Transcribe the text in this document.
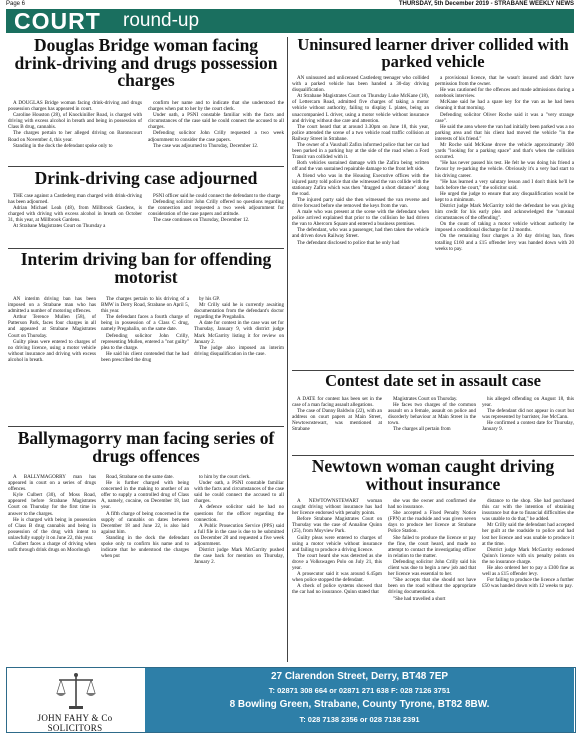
Page 6	THURSDAY, 5th December 2019 - STRABANE WEEKLY NEWS
COURT round-up
Douglas Bridge woman facing drink-driving and drugs possession charges

A DOUGLAS Bridge woman facing drink-driving and drugs possession charges has appeared in court.

Caroline Houston (28), of Knockiniller Road, is charged with driving with excess alcohol in breath and being in possession of Class B drug, cannabis.

The charges pertain to her alleged driving on Baronscourt Road on November 4, this year.

Standing in the dock the defendant spoke only to

confirm her name and to indicate that she understood the charges when put to her by the court clerk.

Under oath, a PSNI constable familiar with the facts and circumstances of the case said he could connect the accused to all charges.

Defending solicitor John Crilly requested a two week adjournment to consider the case papers.

The case was adjourned to Thursday, December 12.

Drink-driving case adjourned

THE case against a Castlederg man charged with drink-driving has been adjourned.

Adrian Michael Leah (48), from Millbrook Gardens, is charged with driving with excess alcohol in breath on October 31, this year, at Millbrook Gardens.

At Strabane Magistrates Court on Thursday a

PSNI officer said he could connect the defendant to the charge

Defending solicitor John Crilly offered no questions regarding the connection and requested a two week adjournment for consideration of the case papers and attitude.

The case continues on Thursday, December 12.

Interim driving ban for offending motorist

AN interim driving ban has been imposed on a Strabane man who has admitted a number of motoring offences.

Arthur Terence Mullen (58), of Patterson Park, faces four charges in all and appeared at Strabane Magistrates Court on Thursday.

Guilty pleas were entered to charges of no driving licence, using a motor vehicle without insurance and driving with excess alcohol in breath.

The charges pertain to his driving of a BMW in Derry Road, Strabane on April 5, this year.

The defendant faces a fourth charge of being in possession of a Class C drug, namely Pregabalin, on the same date.

Defending solicitor John Crilly, representing Mullen, entered a "not guilty" plea to the charge.

He said his client contended that he had been prescribed the drug

by his GP.

Mr Crilly said he is currently awaiting documentation from the defendant's doctor regarding the Pregabalin.

A date for contest in the case was set for Thursday, January 9, with district judge Mark McGarrity listing it for review on January 2.

The judge also imposed an interim driving disqualification in the case.

Ballymagorry man facing series of drugs offences

A BALLYMAGORRY man has appeared in court on a series of drugs offences.

Kyle Culbert (30), of Moss Road, appeared before Strabane Magistrates Court on Thursday for the first time in answer to the charges.

He is charged with being in possession of Class B drug cannabis and being in possession of the drug with intent to unlawfully supply it on June 22, this year.

Culbert faces a charge of driving when unfit through drink drugs on Moorlough

Road, Strabane on the same date.

He is further charged with being concerned in the making to another of an offer to supply a controlled drug of Class A, namely, cocaine, on December 18, last year.

A fifth charge of being concerned in the supply of cannabis on dates between December 18 and June 22, is also laid against him.

Standing in the dock the defendant spoke only to confirm his name and to indicate that he understood the charges when put

to him by the court clerk.

Under oath, a PSNI constable familiar with the facts and circumstances of the case said he could connect the accused to all charges.

A defence solicitor said he had no questions for the officer regarding the connection.

A Public Prosecution Service (PPS) said a full file in the case is due to be submitted on December 20 and requested a five week adjournment.

District judge Mark McGarrity pushed the case back for mention on Thursday, January 2.

Uninsured learner driver collided with parked vehicle

AN uninsured and unlicensed Castlederg teenager who collided with a parked vehicle has been handed a 30-day driving disqualification.

At Strabane Magistrates Court on Thursday Luke McKane (18), of Lettercarn Road, admitted five charges of taking a motor vehicle without authority, failing to display L plates, being an unaccompanied L driver, using a motor vehicle without insurance and driving without due care and attention.

The court heard that at around 3.30pm on June 18, this year, police attended the scene of a two vehicle road traffic collision at Railway Street in Strabane.

The owner of a Vauxhall Zafira informed police that her car had been parked in a parking bay at the side of the road when a Ford Transit van collided with it.

Both vehicles sustained damage with the Zafira being written off and the van sustained repairable damage to the front left side.

A friend who was in the Housing Executive offices with the injured party told police that she witnessed the van collide with the stationary Zafira which was then "dragged a short distance" along the road.

The injured party said she then witnessed the van reverse and drive forward before she removed the keys from the van.

A male who was present at the scene with the defendant when police arrived explained that prior to the collision he had driven the van to Abercorn Square and entered a business premises.

The defendant, who was a passenger, had then taken the vehicle and driven down Railway Street.

The defendant disclosed to police that he only had

a provisional licence, that he wasn't insured and didn't have permission from the owner.

He was cautioned for the offences and made admissions during a notebook interview.

McKane said he had a spare key for the van as he had been cleaning it that morning.

Defending solicitor Oliver Roche said it was a "very strange case".

He said the area where the van had initially been parked was a no parking area and that his client had moved the vehicle "in the interests of his friend."

Mr Roche said McKane drove the vehicle approximately 300 yards "looking for a parking space" and that's when the collision occurred.

"He has never passed his test. He felt he was doing his friend a favour by re-parking the vehicle. Obviously it's a very bad start to his driving career.

"He has learned a very salutary lesson and I don't think he'll be back before the court," the solicitor said.

He urged the judge to ensure that any disqualification would be kept to a minimum.

District judge Mark McGarrity told the defendant he was giving him credit for his early plea and acknowledged the "unusual circumstances of the offending".

On the count of taking a motor vehicle without authority he imposed a conditional discharge for 12 months.

On the remaining four charges a 30 day driving ban, fines totalling £160 and a £15 offender levy was handed down with 20 weeks to pay.

Contest date set in assault case

A DATE for contest has been set in the case of a man facing assault allegations.

The case of Danny Baldwin (22), with an address on court papers at Main Street, Newtownstewart, was mentioned at Strabane

Magistrates Court on Thursday.

He faces two charges of the common assault on a female, assault on police and disorderly behaviour at Main Street in the town.

The charges all pertain from

his alleged offending on August 18, this year.

The defendant did not appear in court but was represented by barrister, Joe McCann.

He confirmed a contest date for Thursday, January 9.

Newtown woman caught driving without insurance

A NEWTOWNSTEWART woman caught driving without insurance has had her licence endorsed with penalty points.

Before Strabane Magistrates Court on Thursday was the case of Annaline Quinn (25), from Moyview Park.

Guilty pleas were entered to charges of using a motor vehicle without insurance and failing to produce a driving licence.

The court heard she was detected as she drove a Volkswagen Polo on July 21, this year.

A prosecutor said it was around 6.45pm when police stopped the defendant.

A check of police systems showed that the car had no insurance. Quinn stated that

she was the owner and confirmed she had no insurance.

She accepted a Fixed Penalty Notice (FPN) at the roadside and was given seven days to produce her licence at Strabane Police Station.

She failed to produce the licence or pay the fine, the court heard, and made no attempt to contact the investigating officer in relation to the matter.

Defending solicitor John Crilly said his client was due to begin a new job and that her licence was essential to her.

"She accepts that she should not have been on the road without the appropriate driving documentation.

"She had travelled a short

distance to the shop. She had purchased this car with the intention of obtaining insurance but due to financial difficulties she was unable to do that," he added.

Mr Crilly said the defendant had accepted her guilt at the roadside to police and had lost her licence and was unable to produce it at the time.

District judge Mark McGarrity endorsed Quinn's licence with six penalty points on the no insurance charge.

He also ordered her to pay a £300 fine as well as a £15 offender levy.

For failing to produce the licence a further £50 was handed down with 12 weeks to pay.

JOHN FAHY & Co SOLICITORS
27 Clarendon Street, Derry, BT48 7EP
T: 02871 308 664 or 02871 271 638 F: 028 7126 3751
8 Bowling Green, Strabane, County Tyrone, BT82 8BW.
T: 028 7138 2356 or 028 7138 2391
